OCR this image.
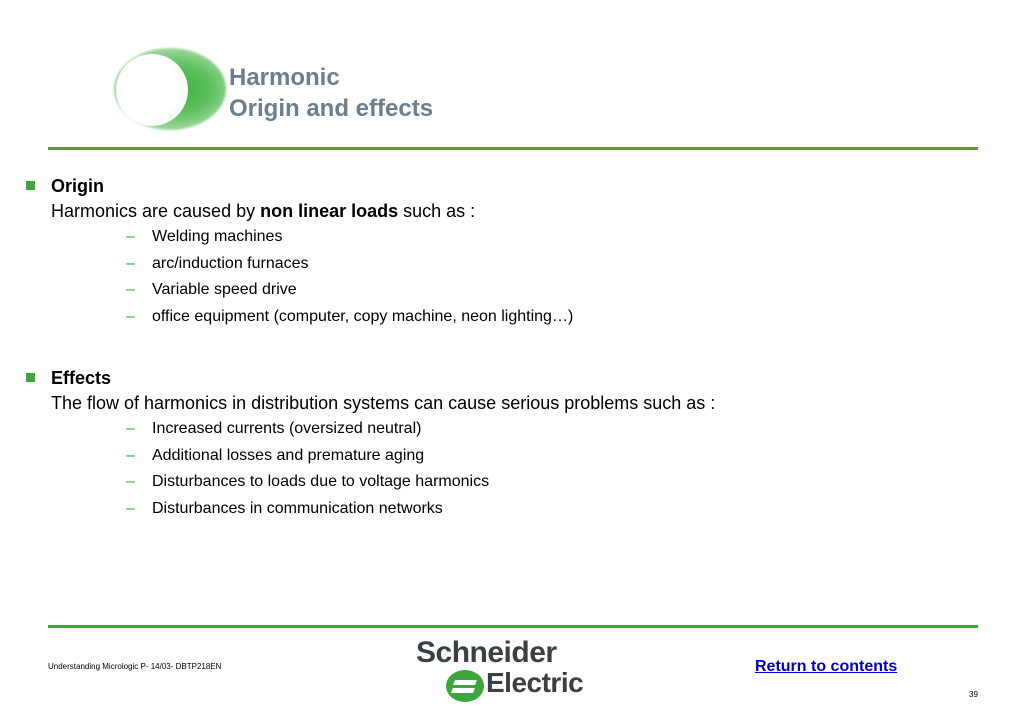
Harmonic
Origin and effects
Origin
Harmonics are caused by non linear loads such as :
– Welding machines
– arc/induction furnaces
– Variable speed drive
– office equipment (computer, copy machine, neon lighting…)
Effects
The flow of harmonics in distribution systems can cause serious problems such as :
– Increased currents (oversized neutral)
– Additional losses and premature aging
– Disturbances to loads due to voltage harmonics
– Disturbances in communication networks
Understanding Micrologic P- 14/03- DBTP218EN	Schneider
Electric
Return to contents
39
